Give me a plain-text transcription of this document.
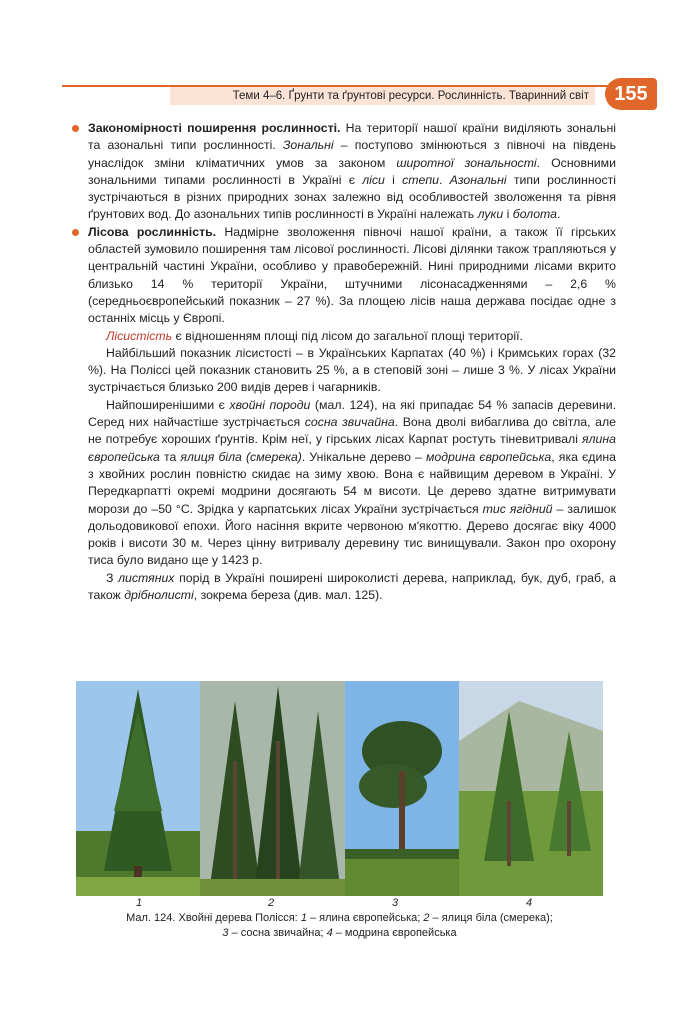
Теми 4–6. Ґрунти та ґрунтові ресурси. Рослинність. Тваринний світ	155

Закономірності поширення рослинності. На території нашої країни виділяють зональні та азональні типи рослинності. Зональні – поступово змінюються з півночі на південь унаслідок зміни кліматичних умов за законом широтної зональності. Основними зональними типами рослинності в Україні є ліси і степи. Азональні типи рослинності зустрічаються в різних природних зонах залежно від особливостей зволоження та рівня ґрунтових вод. До азональних типів рослинності в Україні належать луки і болота.

Лісова рослинність. Надмірне зволоження півночі нашої країни, а також її гірських областей зумовило поширення там лісової рослинності. Лісові ділянки також трапляються у центральній частині України, особливо у правобережній. Нині природними лісами вкрито близько 14 % території України, штучними лісонасадженнями – 2,6 % (середньоєвропейський показник – 27 %). За площею лісів наша держава посідає одне з останніх місць у Європі.

Лісистість є відношенням площі під лісом до загальної площі території.

Найбільший показник лісистості – в Українських Карпатах (40 %) і Кримських горах (32 %). На Поліссі цей показник становить 25 %, а в степовій зоні – лише 3 %. У лісах України зустрічається близько 200 видів дерев і чагарників.

Найпоширенішими є хвойні породи (мал. 124), на які припадає 54 % запасів деревини. Серед них найчастіше зустрічається сосна звичайна. Вона дволі вибаглива до світла, але не потребує хороших ґрунтів. Крім неї, у гірських лісах Карпат ростуть тіневитривалі ялина європейська та ялиця біла (смерека). Унікальне дерево – модрина європейська, яка єдина з хвойних рослин повністю скидає на зиму хвою. Вона є найвищим деревом в Україні. У Передкарпатті окремі модрини досягають 54 м висоти. Це дерево здатне витримувати морози до –50 °С. Зрідка у карпатських лісах України зустрічається тис ягідний – залишок дольодовикової епохи. Його насіння вкрите червоною м'якоттю. Дерево досягає віку 4000 років і висоти 30 м. Через цінну витривалу деревину тис винищували. Закон про охорону тиса було видано ще у 1423 р.

З листяних порід в Україні поширені широколисті дерева, наприклад, бук, дуб, граб, а також дрібнолисті, зокрема береза (див. мал. 125).

1	2	3	4
Мал. 124. Хвойні дерева Полісся: 1 – ялина європейська; 2 – ялиця біла (смерека);
3 – сосна звичайна; 4 – модрина європейська
